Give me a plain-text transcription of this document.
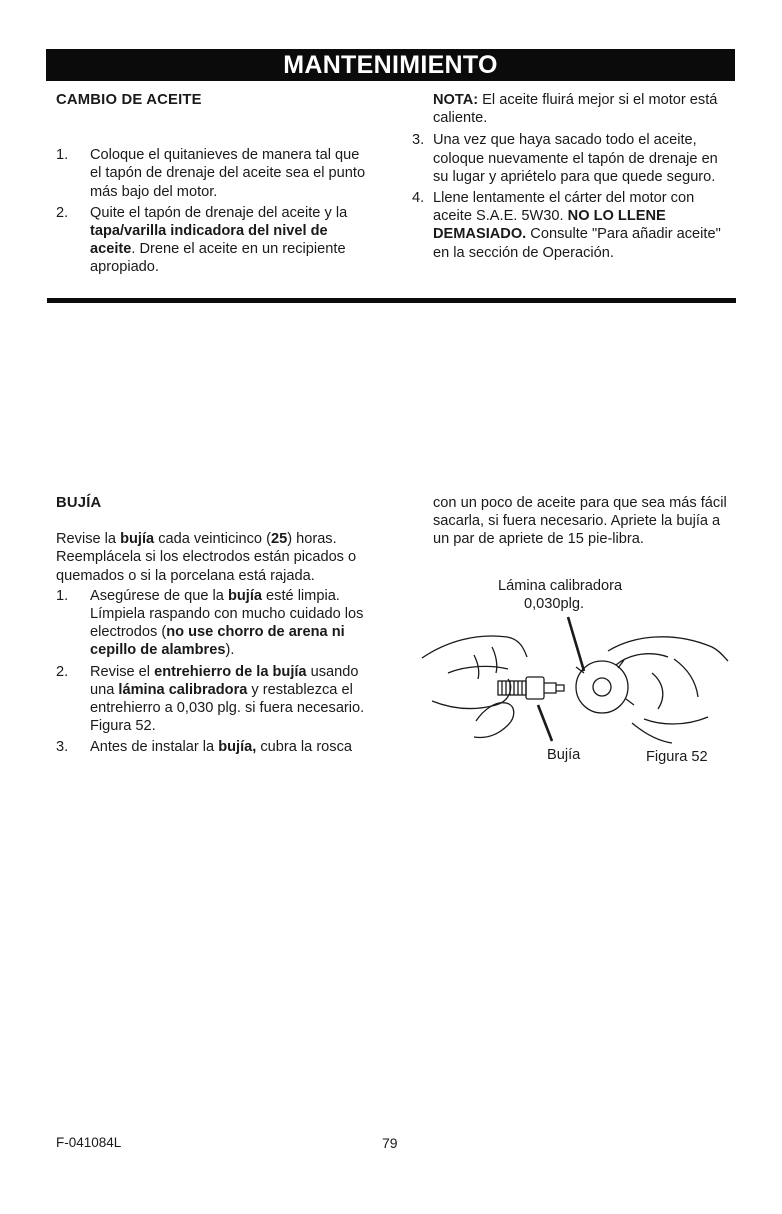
MANTENIMIENTO
CAMBIO DE ACEITE
1. Coloque el quitanieves de manera tal que el tapón de drenaje del aceite sea el punto más bajo del motor.
2. Quite el tapón de drenaje del aceite y la tapa/varilla indicadora del nivel de aceite. Drene el aceite en un recipiente apropiado.

NOTA: El aceite fluirá mejor si el motor está caliente.

3. Una vez que haya sacado todo el aceite, coloque nuevamente el tapón de drenaje en su lugar y apriételo para que quede seguro.
4. Llene lentamente el cárter del motor con aceite S.A.E. 5W30. NO LO LLENE DEMASIADO. Consulte "Para añadir aceite" en la sección de Operación.
BUJÍA

Revise la bujía cada veinticinco (25) horas. Reemplácela si los electrodos están picados o quemados o si la porcelana está rajada.

1. Asegúrese de que la bujía esté limpia. Límpiela raspando con mucho cuidado los electrodos (no use chorro de arena ni cepillo de alambres).
2. Revise el entrehierro de la bujía usando una lámina calibradora y restablezca el entrehierro a 0,030 plg. si fuera necesario. Figura 52.
3. Antes de instalar la bujía, cubra la rosca

con un poco de aceite para que sea más fácil sacarla, si fuera necesario. Apriete la bujía a un par de apriete de 15 pie-libra.

Lámina calibradora
0,030plg.
Bujía	Figura 52
F-041084L	79
